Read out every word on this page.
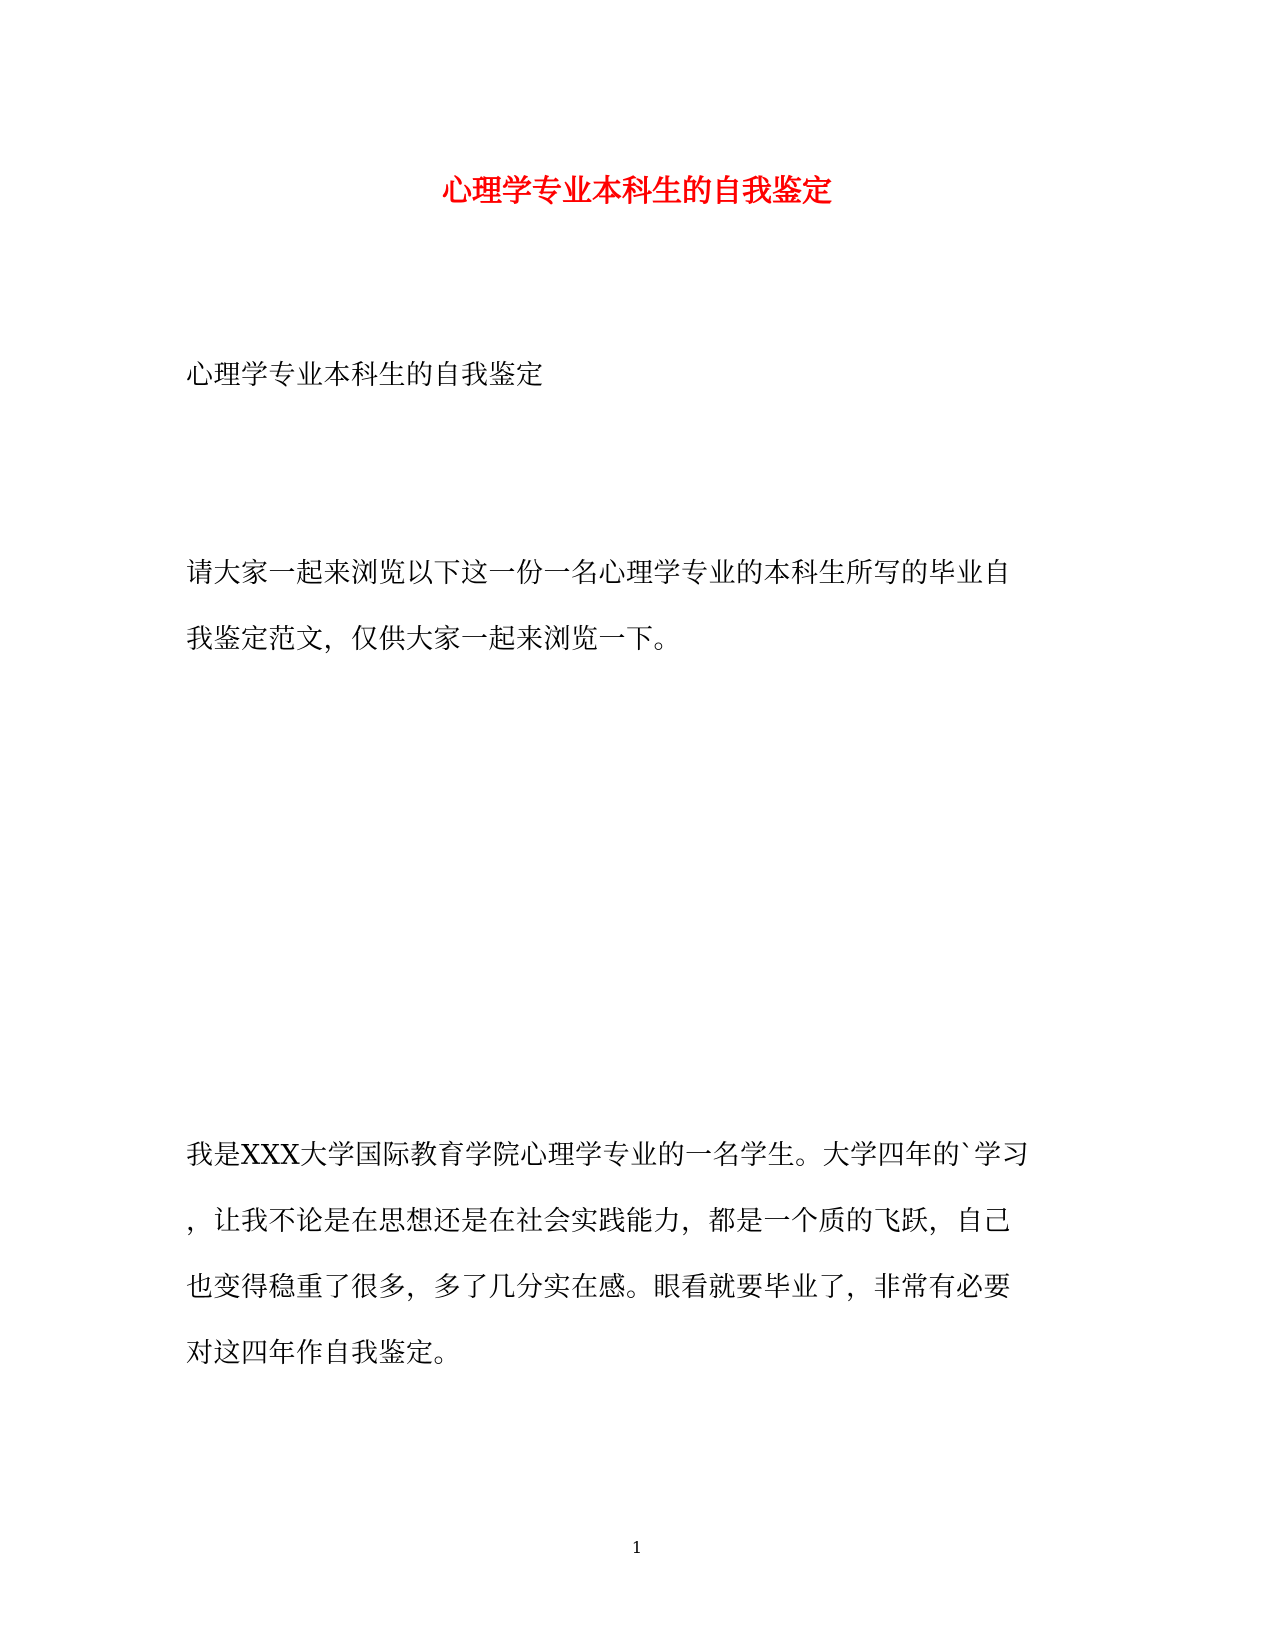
心理学专业本科生的自我鉴定
心理学专业本科生的自我鉴定
请大家一起来浏览以下这一份一名心理学专业的本科生所写的毕业自
我鉴定范文，仅供大家一起来浏览一下。
我是XXX大学国际教育学院心理学专业的一名学生。大学四年的`学习
，让我不论是在思想还是在社会实践能力，都是一个质的飞跃，自己
也变得稳重了很多，多了几分实在感。眼看就要毕业了，非常有必要
对这四年作自我鉴定。
1
